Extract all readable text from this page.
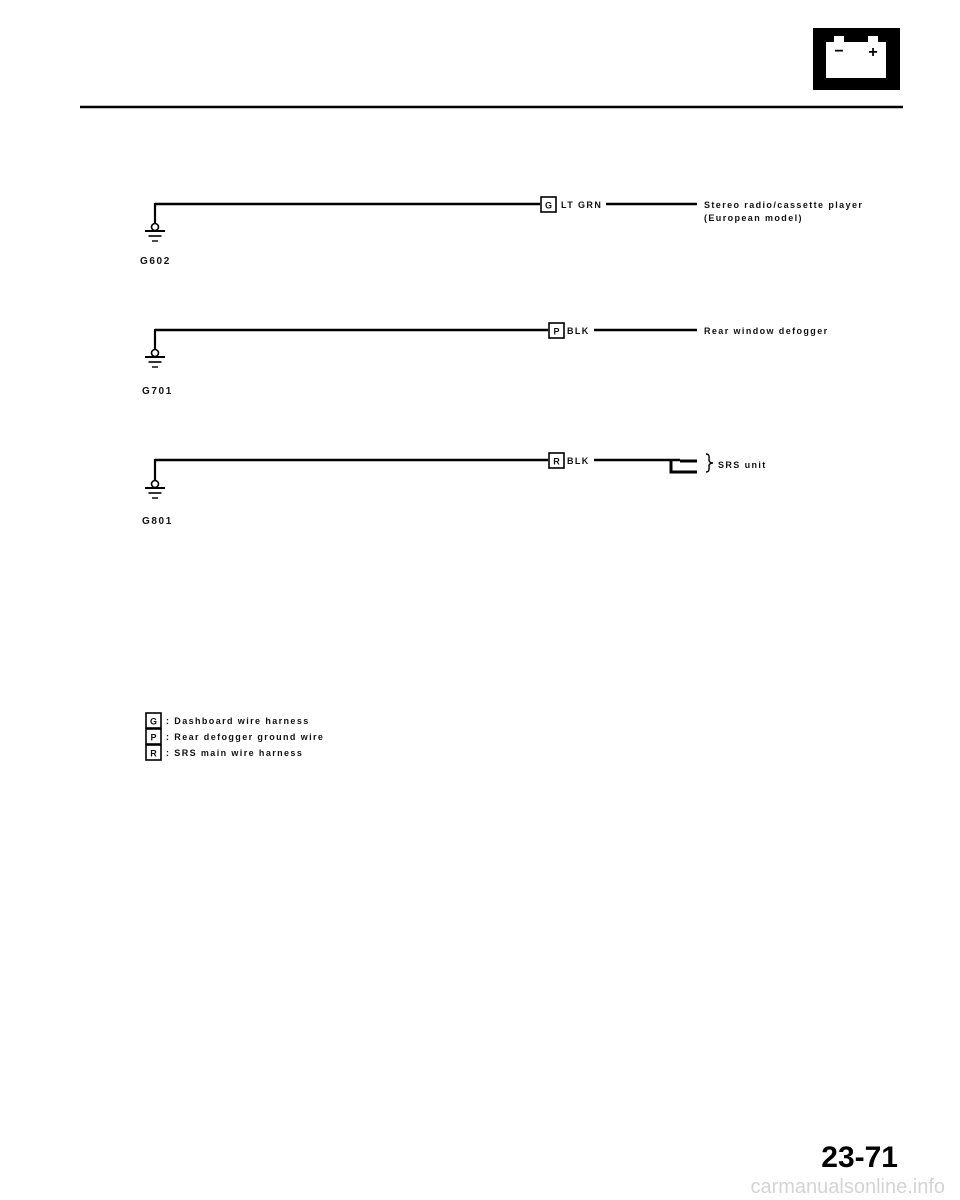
− +
G602
G LT GRN	Stereo radio/cassette player
(European model)
G701
P BLK	Rear window defogger
G801
R BLK	SRS unit
G : Dashboard wire harness
P : Rear defogger ground wire
R : SRS main wire harness
23-71
carmanualsonline.info
